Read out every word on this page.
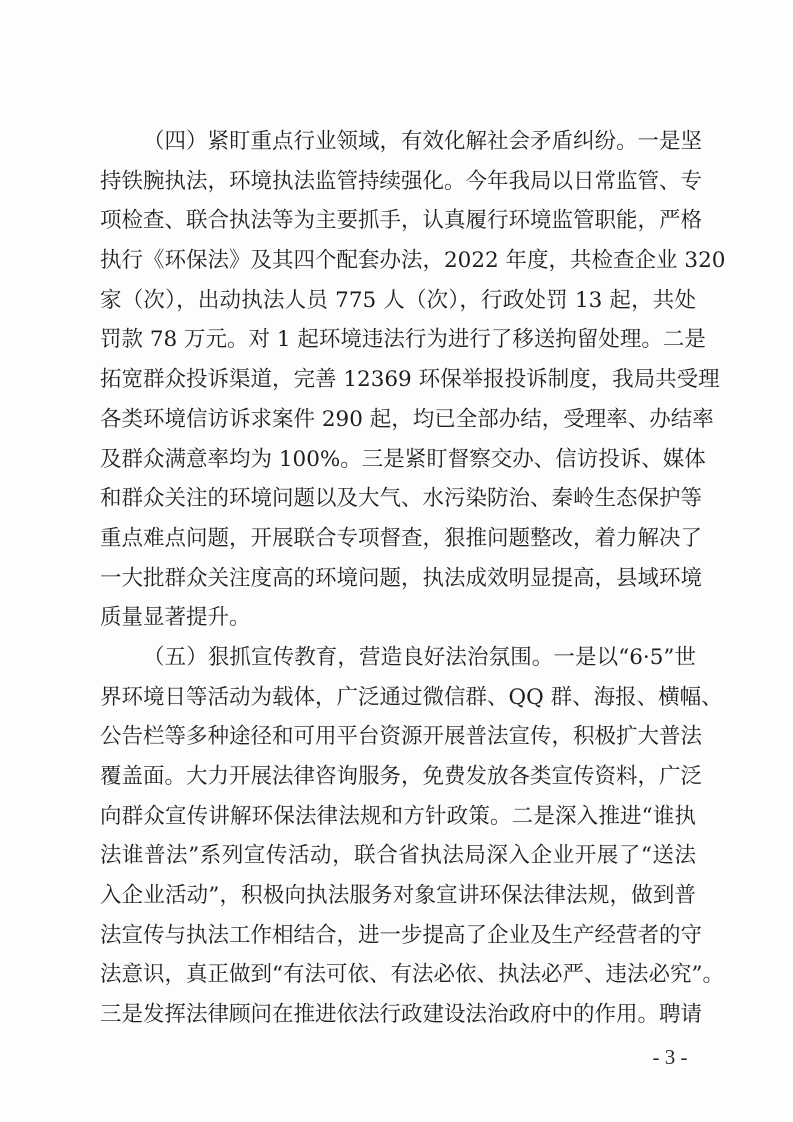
（四）紧盯重点行业领域，有效化解社会矛盾纠纷。一是坚
持铁腕执法，环境执法监管持续强化。今年我局以日常监管、专
项检查、联合执法等为主要抓手，认真履行环境监管职能，严格
执行《环保法》及其四个配套办法，2022 年度，共检查企业 320
家（次），出动执法人员 775 人（次），行政处罚 13 起，共处
罚款 78 万元。对 1 起环境违法行为进行了移送拘留处理。二是
拓宽群众投诉渠道，完善 12369 环保举报投诉制度，我局共受理
各类环境信访诉求案件 290 起，均已全部办结，受理率、办结率
及群众满意率均为 100%。三是紧盯督察交办、信访投诉、媒体
和群众关注的环境问题以及大气、水污染防治、秦岭生态保护等
重点难点问题，开展联合专项督查，狠推问题整改，着力解决了
一大批群众关注度高的环境问题，执法成效明显提高，县域环境
质量显著提升。
（五）狠抓宣传教育，营造良好法治氛围。一是以“6·5”世
界环境日等活动为载体，广泛通过微信群、QQ 群、海报、横幅、
公告栏等多种途径和可用平台资源开展普法宣传，积极扩大普法
覆盖面。大力开展法律咨询服务，免费发放各类宣传资料，广泛
向群众宣传讲解环保法律法规和方针政策。二是深入推进“谁执
法谁普法”系列宣传活动，联合省执法局深入企业开展了“送法
入企业活动”，积极向执法服务对象宣讲环保法律法规，做到普
法宣传与执法工作相结合，进一步提高了企业及生产经营者的守
法意识，真正做到“有法可依、有法必依、执法必严、违法必究”。
三是发挥法律顾问在推进依法行政建设法治政府中的作用。聘请
- 3 -
